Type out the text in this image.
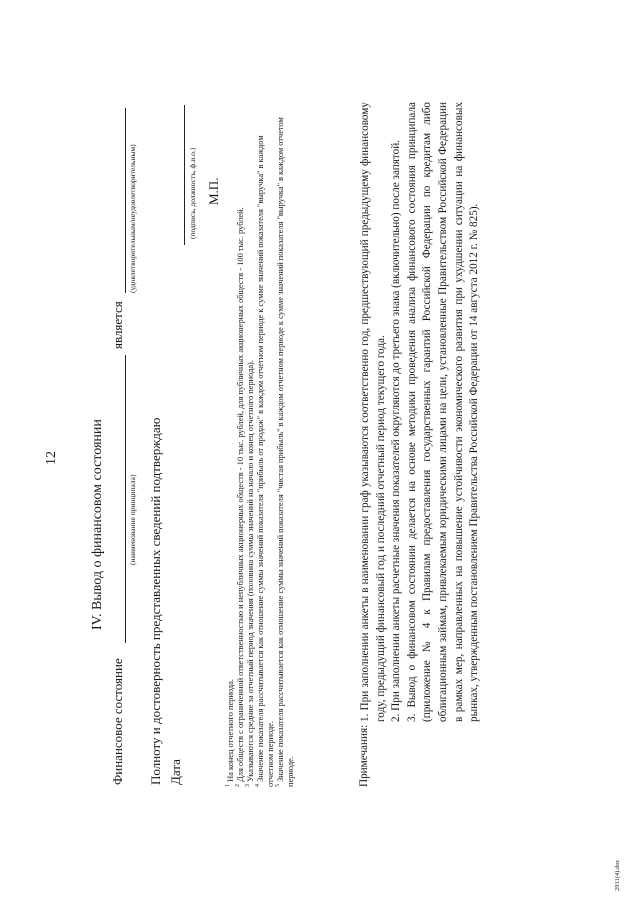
12 IV. Вывод о финансовом состоянии
Финансовое состояние
(наименование принципала)
является
(удовлетворительным/неудовлетворительным)
Полноту и достоверность представленных сведений подтверждаю Дата
(подпись, должность, ф.и.о.) М.П.

$^1$ На конец отчетного периода.

$^2$ Для обществ с ограниченной ответственностью и непубличных акционерных обществ - 10 тыс. рублей, для публичных акционерных обществ - 100 тыс. рублей.

$^3$ Указываются средние за отчетный период значения (половина суммы значений на начало и конец отчетного периода).

$^4$ Значение показателя рассчитывается как отношение суммы значений показателя "прибыль от продаж" в каждом отчетном периоде к сумме значений показателя "выручка" в каждом отчетном периоде. $^5$ Значение показателя рассчитывается как отношение суммы значений показателя "чистая прибыль" в каждом отчетном периоде к сумме значений показателя "выручка" в каждом отчетом периоде.	Примечания:

1. При заполнении анкеты в наименовании граф указываются соответственно год, предшествующий предыдущему финансовому году, предыдущий финансовый год и последний отчетный период текущего года. 2. При заполнении анкеты расчетные значения показателей округляются до третьего знака (включительно) после запятой. 3. Вывод о финансовом состоянии делается на основе методики проведения анализа финансового состояния принципала (приложение № 4 к Правилам предоставления государственных гарантий Российской Федерации по кредитам либо облигационным займам, привлекаемым юридическими лицами на цели, установленные Правительством Российской Федерации в рамках мер, направленных на повышение устойчивости экономического развития при ухудшении ситуации на финансовых рынках, утвержденным постановлением Правительства Российской Федерации от 14 августа 2012 г. № 825).

2911(4).doc
